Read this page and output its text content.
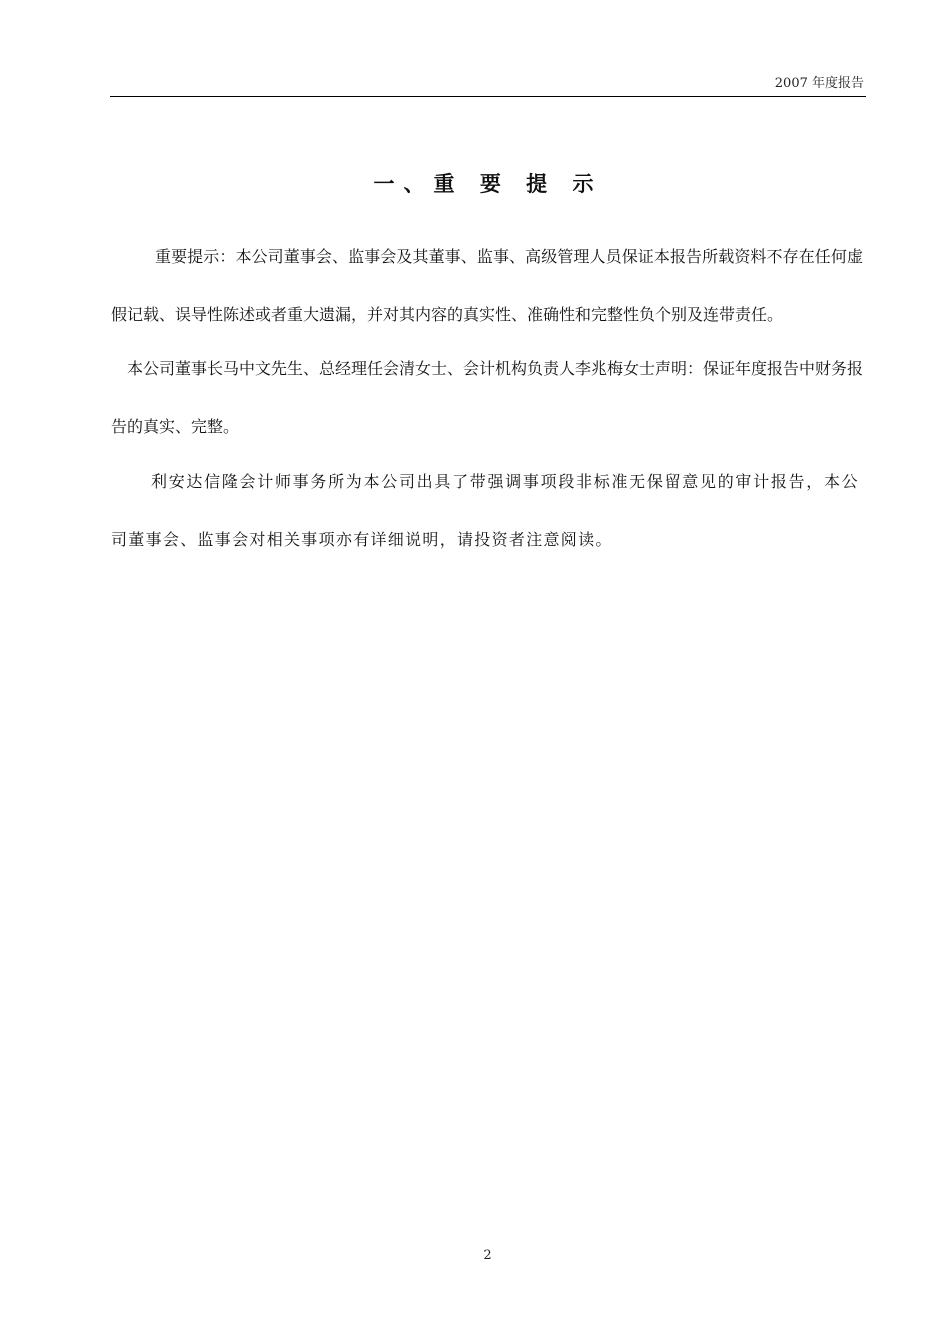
2007 年度报告
一、重 要 提 示

重要提示：本公司董事会、监事会及其董事、监事、高级管理人员保证本报告所载资料不存在任何虚假记载、误导性陈述或者重大遗漏，并对其内容的真实性、准确性和完整性负个别及连带责任。

本公司董事长马中文先生、总经理任会清女士、会计机构负责人李兆梅女士声明：保证年度报告中财务报告的真实、完整。

利安达信隆会计师事务所为本公司出具了带强调事项段非标准无保留意见的审计报告，本公司董事会、监事会对相关事项亦有详细说明，请投资者注意阅读。

2
